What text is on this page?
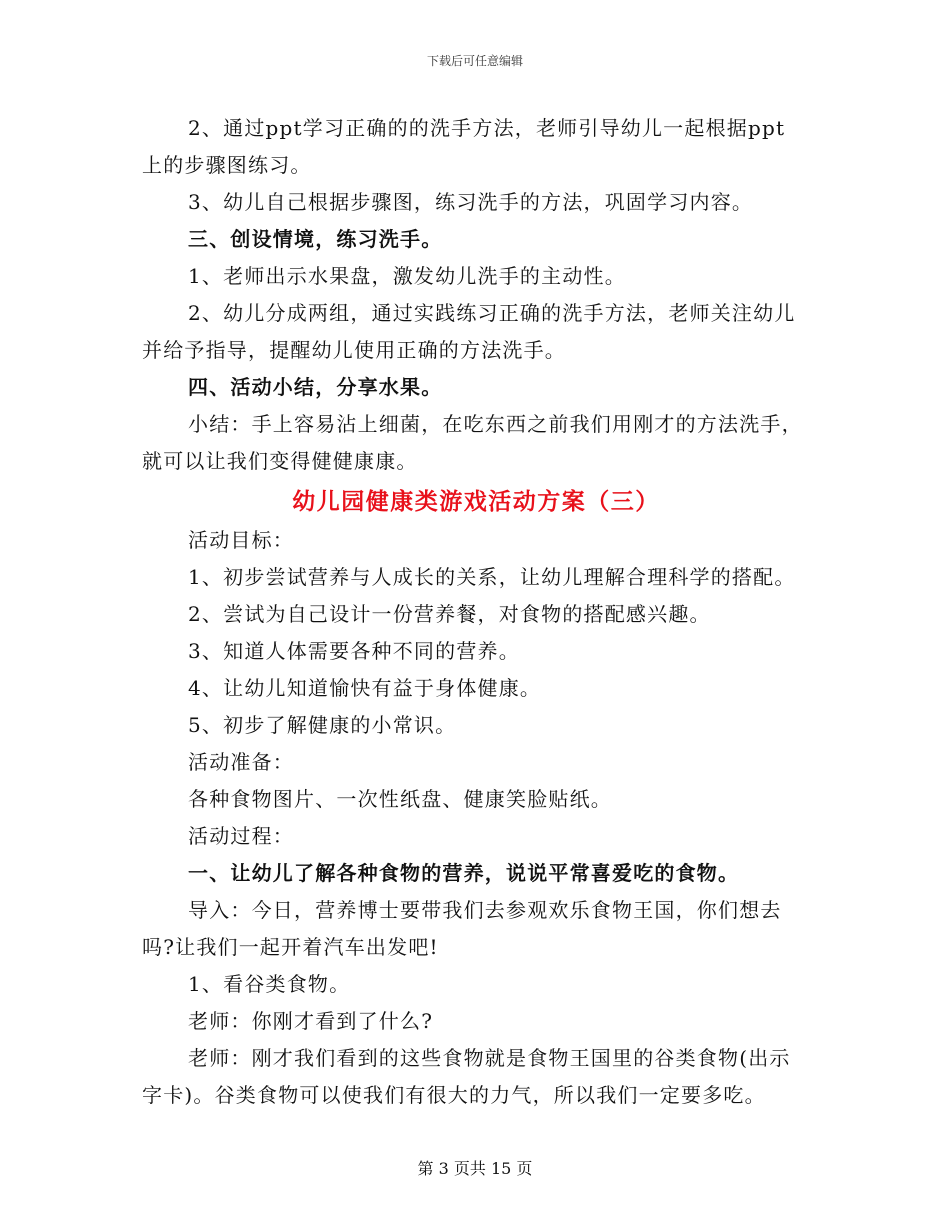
下载后可任意编辑

2、通过ppt学习正确的的洗手方法，老师引导幼儿一起根据ppt

上的步骤图练习。

3、幼儿自己根据步骤图，练习洗手的方法，巩固学习内容。

三、创设情境，练习洗手。

1、老师出示水果盘，激发幼儿洗手的主动性。

2、幼儿分成两组，通过实践练习正确的洗手方法，老师关注幼儿

并给予指导，提醒幼儿使用正确的方法洗手。

四、活动小结，分享水果。

小结：手上容易沾上细菌，在吃东西之前我们用刚才的方法洗手，

就可以让我们变得健健康康。

幼儿园健康类游戏活动方案（三）

活动目标：

1、初步尝试营养与人成长的关系，让幼儿理解合理科学的搭配。

2、尝试为自己设计一份营养餐，对食物的搭配感兴趣。

3、知道人体需要各种不同的营养。

4、让幼儿知道愉快有益于身体健康。

5、初步了解健康的小常识。

活动准备：

各种食物图片、一次性纸盘、健康笑脸贴纸。

活动过程：

一、让幼儿了解各种食物的营养，说说平常喜爱吃的食物。

导入：今日，营养博士要带我们去参观欢乐食物王国，你们想去

吗?让我们一起开着汽车出发吧!

1、看谷类食物。

老师：你刚才看到了什么?

老师：刚才我们看到的这些食物就是食物王国里的谷类食物(出示

字卡)。谷类食物可以使我们有很大的力气，所以我们一定要多吃。

第 3 页共 15 页
